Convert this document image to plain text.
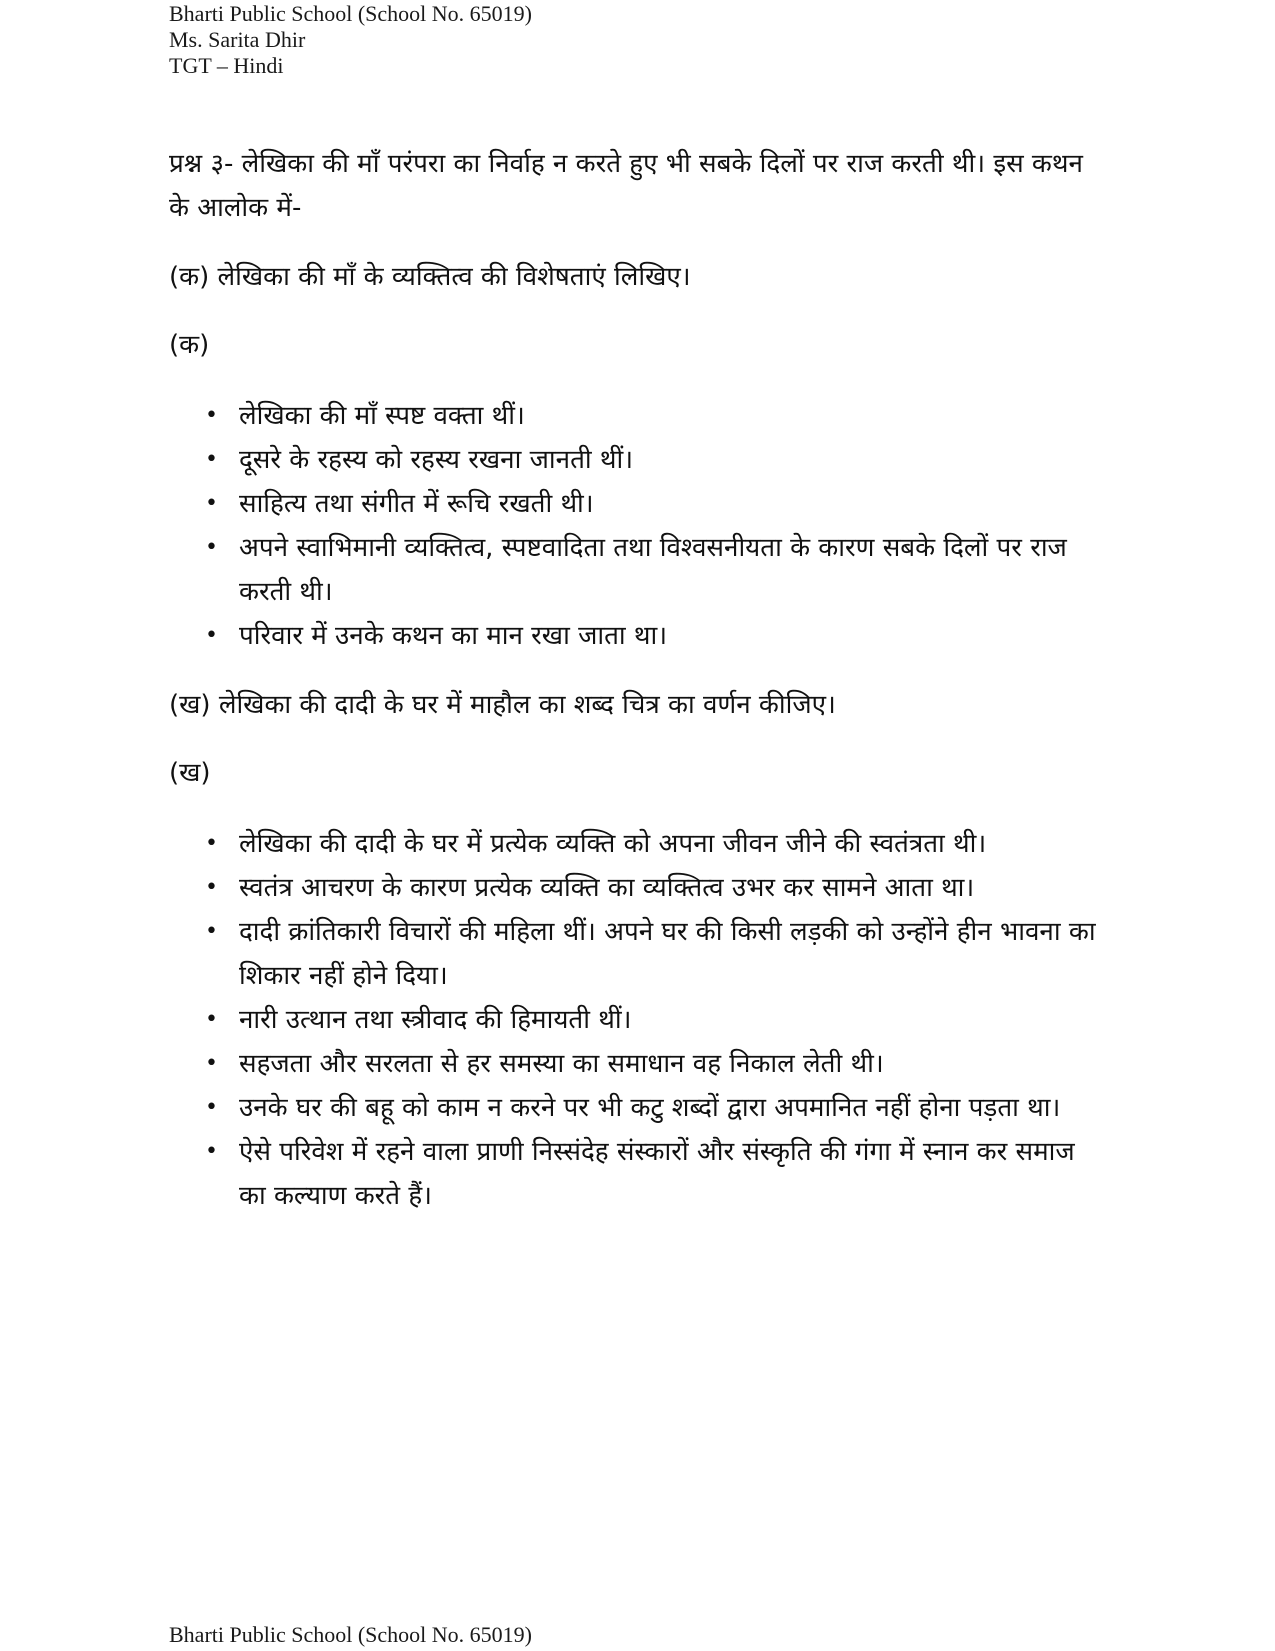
Bharti Public School (School No. 65019)
Ms. Sarita Dhir
TGT – Hindi

प्रश्न ३- लेखिका की माँ परंपरा का निर्वाह न करते हुए भी सबके दिलों पर राज करती थी। इस कथन के आलोक में-

(क) लेखिका की माँ के व्यक्तित्व की विशेषताएं लिखिए।

(क)

• लेखिका की माँ स्पष्ट वक्ता थीं।
• दूसरे के रहस्य को रहस्य रखना जानती थीं।
• साहित्य तथा संगीत में रूचि रखती थी।
• अपने स्वाभिमानी व्यक्तित्व, स्पष्टवादिता तथा विश्वसनीयता के कारण सबके दिलों पर राज करती थी।
• परिवार में उनके कथन का मान रखा जाता था।

(ख) लेखिका की दादी के घर में माहौल का शब्द चित्र का वर्णन कीजिए।

(ख)

• लेखिका की दादी के घर में प्रत्येक व्यक्ति को अपना जीवन जीने की स्वतंत्रता थी।
• स्वतंत्र आचरण के कारण प्रत्येक व्यक्ति का व्यक्तित्व उभर कर सामने आता था।
• दादी क्रांतिकारी विचारों की महिला थीं। अपने घर की किसी लड़की को उन्होंने हीन भावना का शिकार नहीं होने दिया।
• नारी उत्थान तथा स्त्रीवाद की हिमायती थीं।
• सहजता और सरलता से हर समस्या का समाधान वह निकाल लेती थी।
• उनके घर की बहू को काम न करने पर भी कटु शब्दों द्वारा अपमानित नहीं होना पड़ता था।
• ऐसे परिवेश में रहने वाला प्राणी निस्संदेह संस्कारों और संस्कृति की गंगा में स्नान कर समाज का कल्याण करते हैं।
Bharti Public School (School No. 65019)
